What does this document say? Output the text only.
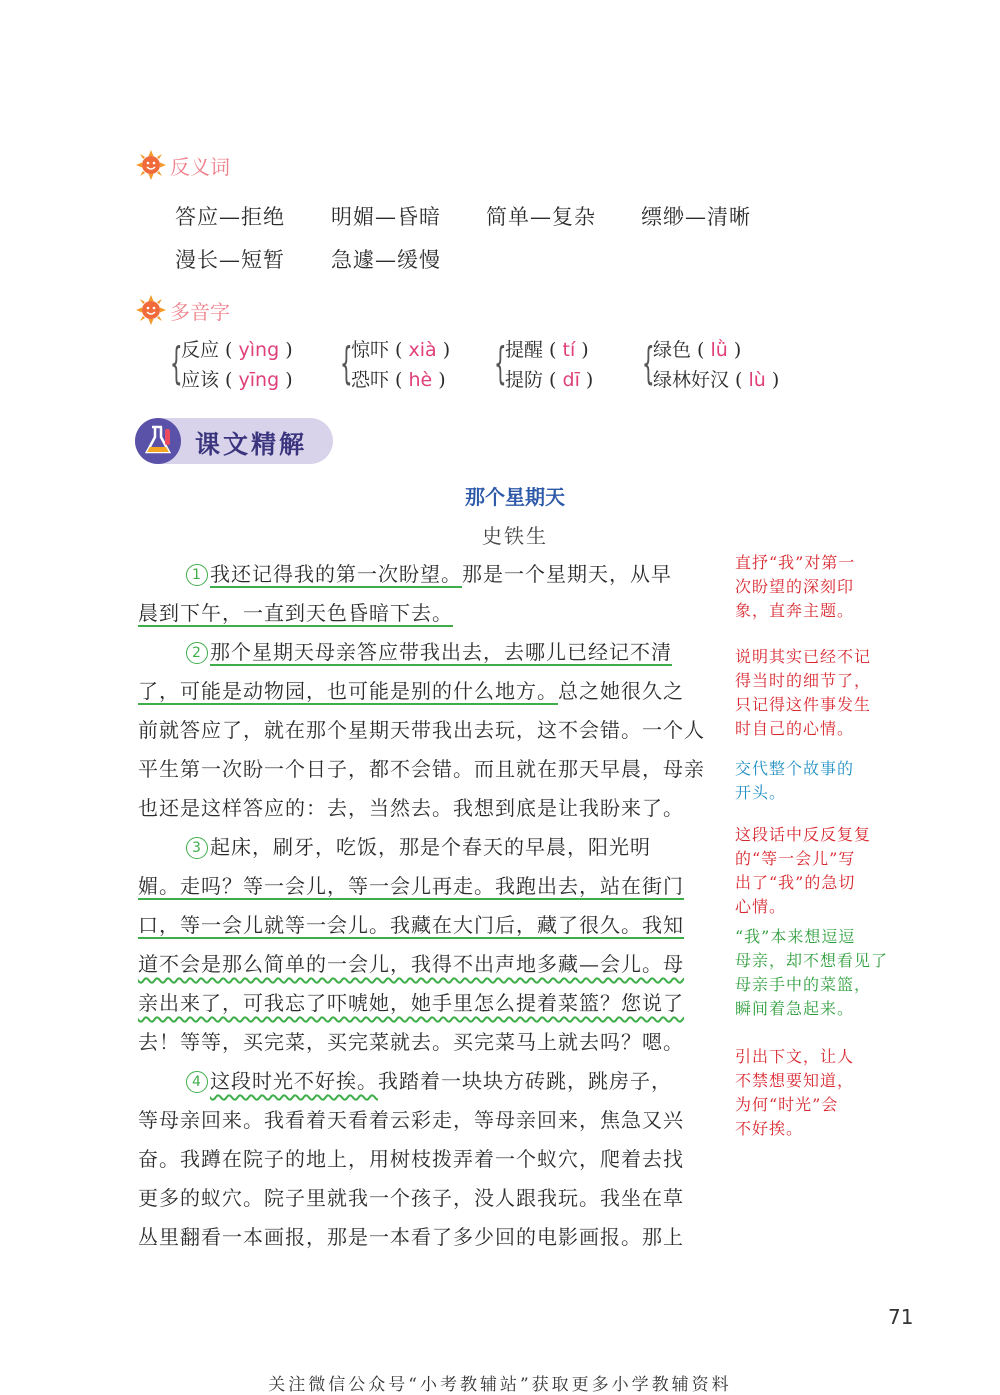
反义词
答应—拒绝 明媚—昏暗 简单—复杂 缥缈—清晰
漫长—短暂 急遽—缓慢
多音字
{
反应 ( yìng )
应该 ( yīng ) {
惊吓 ( xià )
恐吓 ( hè ) {
提醒 ( tí )
提防 ( dī ) {
绿色 ( lǜ )
绿林好汉 ( lù )
课文精解
那个星期天
史铁生
1 我还记得我的第一次盼望。那是一个星期天，从早
晨到下午，一直到天色昏暗下去。
2 那个星期天母亲答应带我出去，去哪儿已经记不清
了，可能是动物园，也可能是别的什么地方。总之她很久之
前就答应了，就在那个星期天带我出去玩，这不会错。一个人
平生第一次盼一个日子，都不会错。而且就在那天早晨，母亲
也还是这样答应的：去，当然去。我想到底是让我盼来了。
3 起床，刷牙，吃饭，那是个春天的早晨，阳光明
媚。走吗？等一会儿，等一会儿再走。我跑出去，站在街门
口，等一会儿就等一会儿。我藏在大门后，藏了很久。我知
道不会是那么简单的一会儿，我得不出声地多藏—会儿。母
亲出来了，可我忘了吓唬她，她手里怎么提着菜篮？您说了
去！等等，买完菜，买完菜就去。买完菜马上就去吗？嗯。
4 这段时光不好挨。我踏着一块块方砖跳，跳房子，
等母亲回来。我看着天看着云彩走，等母亲回来，焦急又兴
奋。我蹲在院子的地上，用树枝拨弄着一个蚁穴，爬着去找
更多的蚁穴。院子里就我一个孩子，没人跟我玩。我坐在草
丛里翻看一本画报，那是一本看了多少回的电影画报。那上
直抒“我”对第一
次盼望的深刻印
象，直奔主题。
说明其实已经不记
得当时的细节了，
只记得这件事发生
时自己的心情。
交代整个故事的
开头。
这段话中反反复复
的“等一会儿”写
出了“我”的急切
心情。
“我”本来想逗逗
母亲，却不想看见了
母亲手中的菜篮，
瞬间着急起来。
引出下文，让人
不禁想要知道，
为何“时光”会
不好挨。
71
关注微信公众号“小考教辅站”获取更多小学教辅资料
